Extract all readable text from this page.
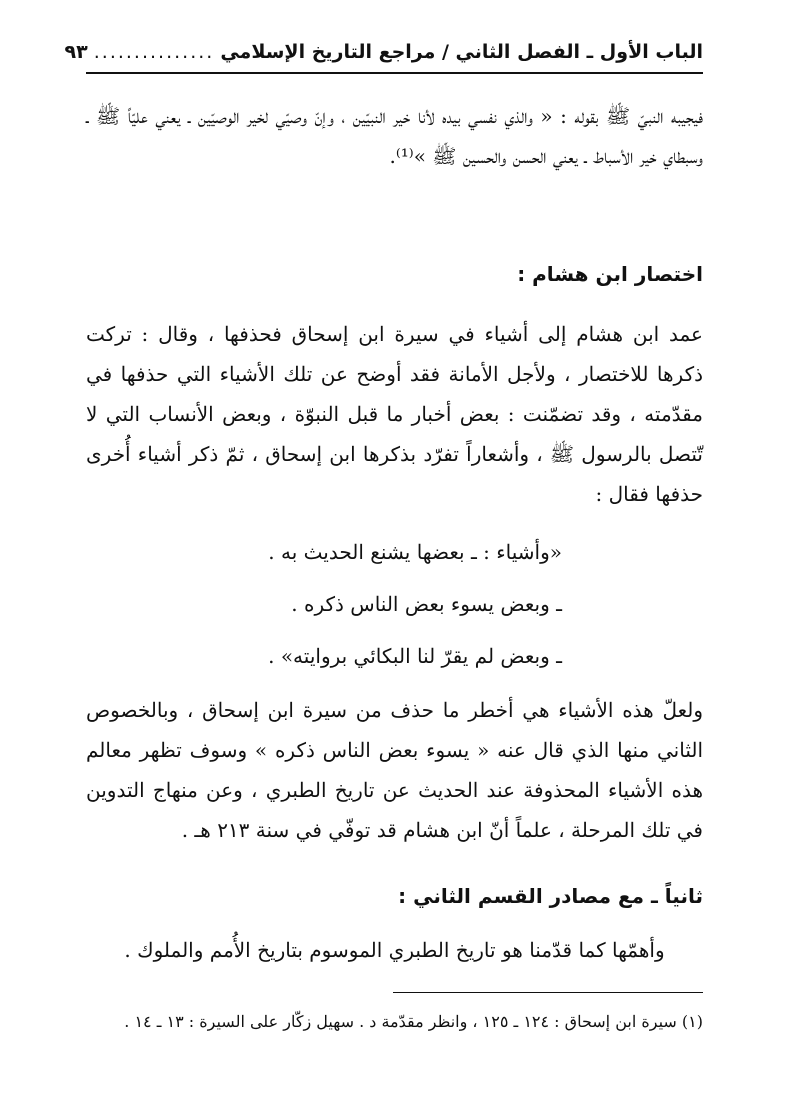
الباب الأول ـ الفصل الثاني / مراجع التاريخ الإسلامي
...............
٩٣
فيجيبه النبيّ ﷺ بقوله : « والذي نفسي بيده لأنا خير النبيّين ، وإنّ وصيّي لخير الوصيّين ـ يعني عليّاً ﷺ ـ وسبطاي خير الأسباط ـ يعني الحسن والحسين ﷺ »⁽¹⁾.
اختصار ابن هشام :
عمد ابن هشام إلى أشياء في سيرة ابن إسحاق فحذفها ، وقال : تركت ذكرها للاختصار ، ولأجل الأمانة فقد أوضح عن تلك الأشياء التي حذفها في مقدّمته ، وقد تضمّنت : بعض أخبار ما قبل النبوّة ، وبعض الأنساب التي لا تّتصل بالرسول ﷺ ، وأشعاراً تفرّد بذكرها ابن إسحاق ، ثمّ ذكر أشياء أُخرى حذفها فقال :
«وأشياء : ـ بعضها يشنع الحديث به .
ـ وبعض يسوء بعض الناس ذكره .
ـ وبعض لم يقرّ لنا البكائي بروايته» .
ولعلّ هذه الأشياء هي أخطر ما حذف من سيرة ابن إسحاق ، وبالخصوص الثاني منها الذي قال عنه « يسوء بعض الناس ذكره » وسوف تظهر معالم هذه الأشياء المحذوفة عند الحديث عن تاريخ الطبري ، وعن منهاج التدوين في تلك المرحلة ، علماً أنّ ابن هشام قد توفّي في سنة ٢١٣ هـ .
ثانياً ـ مع مصادر القسم الثاني :
وأهمّها كما قدّمنا هو تاريخ الطبري الموسوم بتاريخ الأُمم والملوك .
(١) سيرة ابن إسحاق : ١٢٤ ـ ١٢٥ ، وانظر مقدّمة د . سهيل زكّار على السيرة : ١٣ ـ ١٤ .
